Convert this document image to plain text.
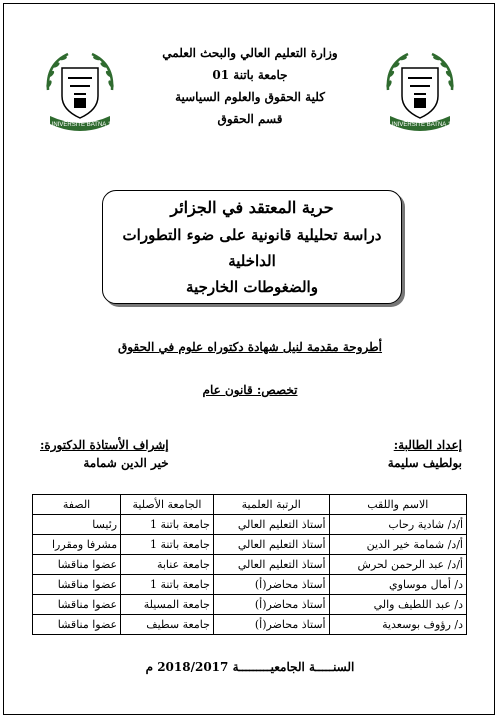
UNIVERSITE BATNA 1	UNIVERSITE BATNA 1
وزارة التعليم العالي والبحث العلمي
جامعة باتنة 01
كلية الحقوق والعلوم السياسية
قسم الحقوق
حرية المعتقد في الجزائر
دراسة تحليلية قانونية على ضوء التطورات الداخلية
والضغوطات الخارجية
أطروحة مقدمة لنيل شهادة دكتوراه علوم في الحقوق
تخصص: قانون عام
إعداد الطالبة:
بولطيف سليمة
إشراف الأستاذة الدكتورة:
خير الدين شمامة
الاسم واللقب	الرتبة العلمية	الجامعة الأصلية	الصفة
أ/د/ شادية رحاب	أستاذ التعليم العالي	جامعة باتنة 1	رئيسا
أ/د/ شمامة خير الدين	أستاذ التعليم العالي	جامعة باتنة 1	مشرفا ومقررا
أ/د/ عبد الرحمن لحرش	أستاذ التعليم العالي	جامعة عنابة	عضوا مناقشا
د/ أمال موساوي	أستاذ محاضر(أ)	جامعة باتنة 1	عضوا مناقشا
د/ عبد اللطيف والي	أستاذ محاضر(أ)	جامعة المسيلة	عضوا مناقشا
د/ رؤوف بوسعدية	أستاذ محاضر(أ)	جامعة سطيف	عضوا مناقشا
السنـــــة الجامعيـــــــــة 2018/2017 م
